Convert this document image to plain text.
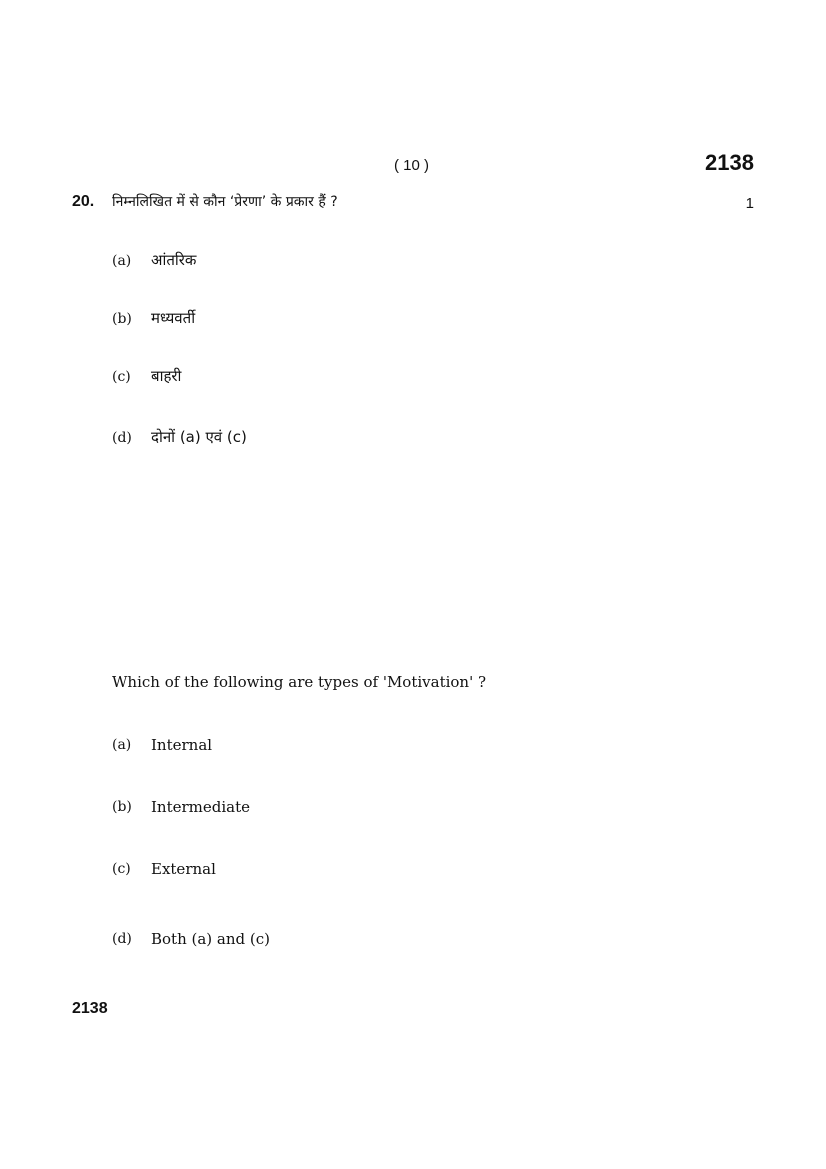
( 10 )	2138
20. निम्नलिखित में से कौन ‘प्रेरणा’ के प्रकार हैं ?	1
(a) आंतरिक
(b) मध्यवर्ती
(c) बाहरी
(d) दोनों (a) एवं (c)
Which of the following are types of 'Motivation' ?
(a) Internal
(b) Intermediate
(c) External
(d) Both (a) and (c)
2138
